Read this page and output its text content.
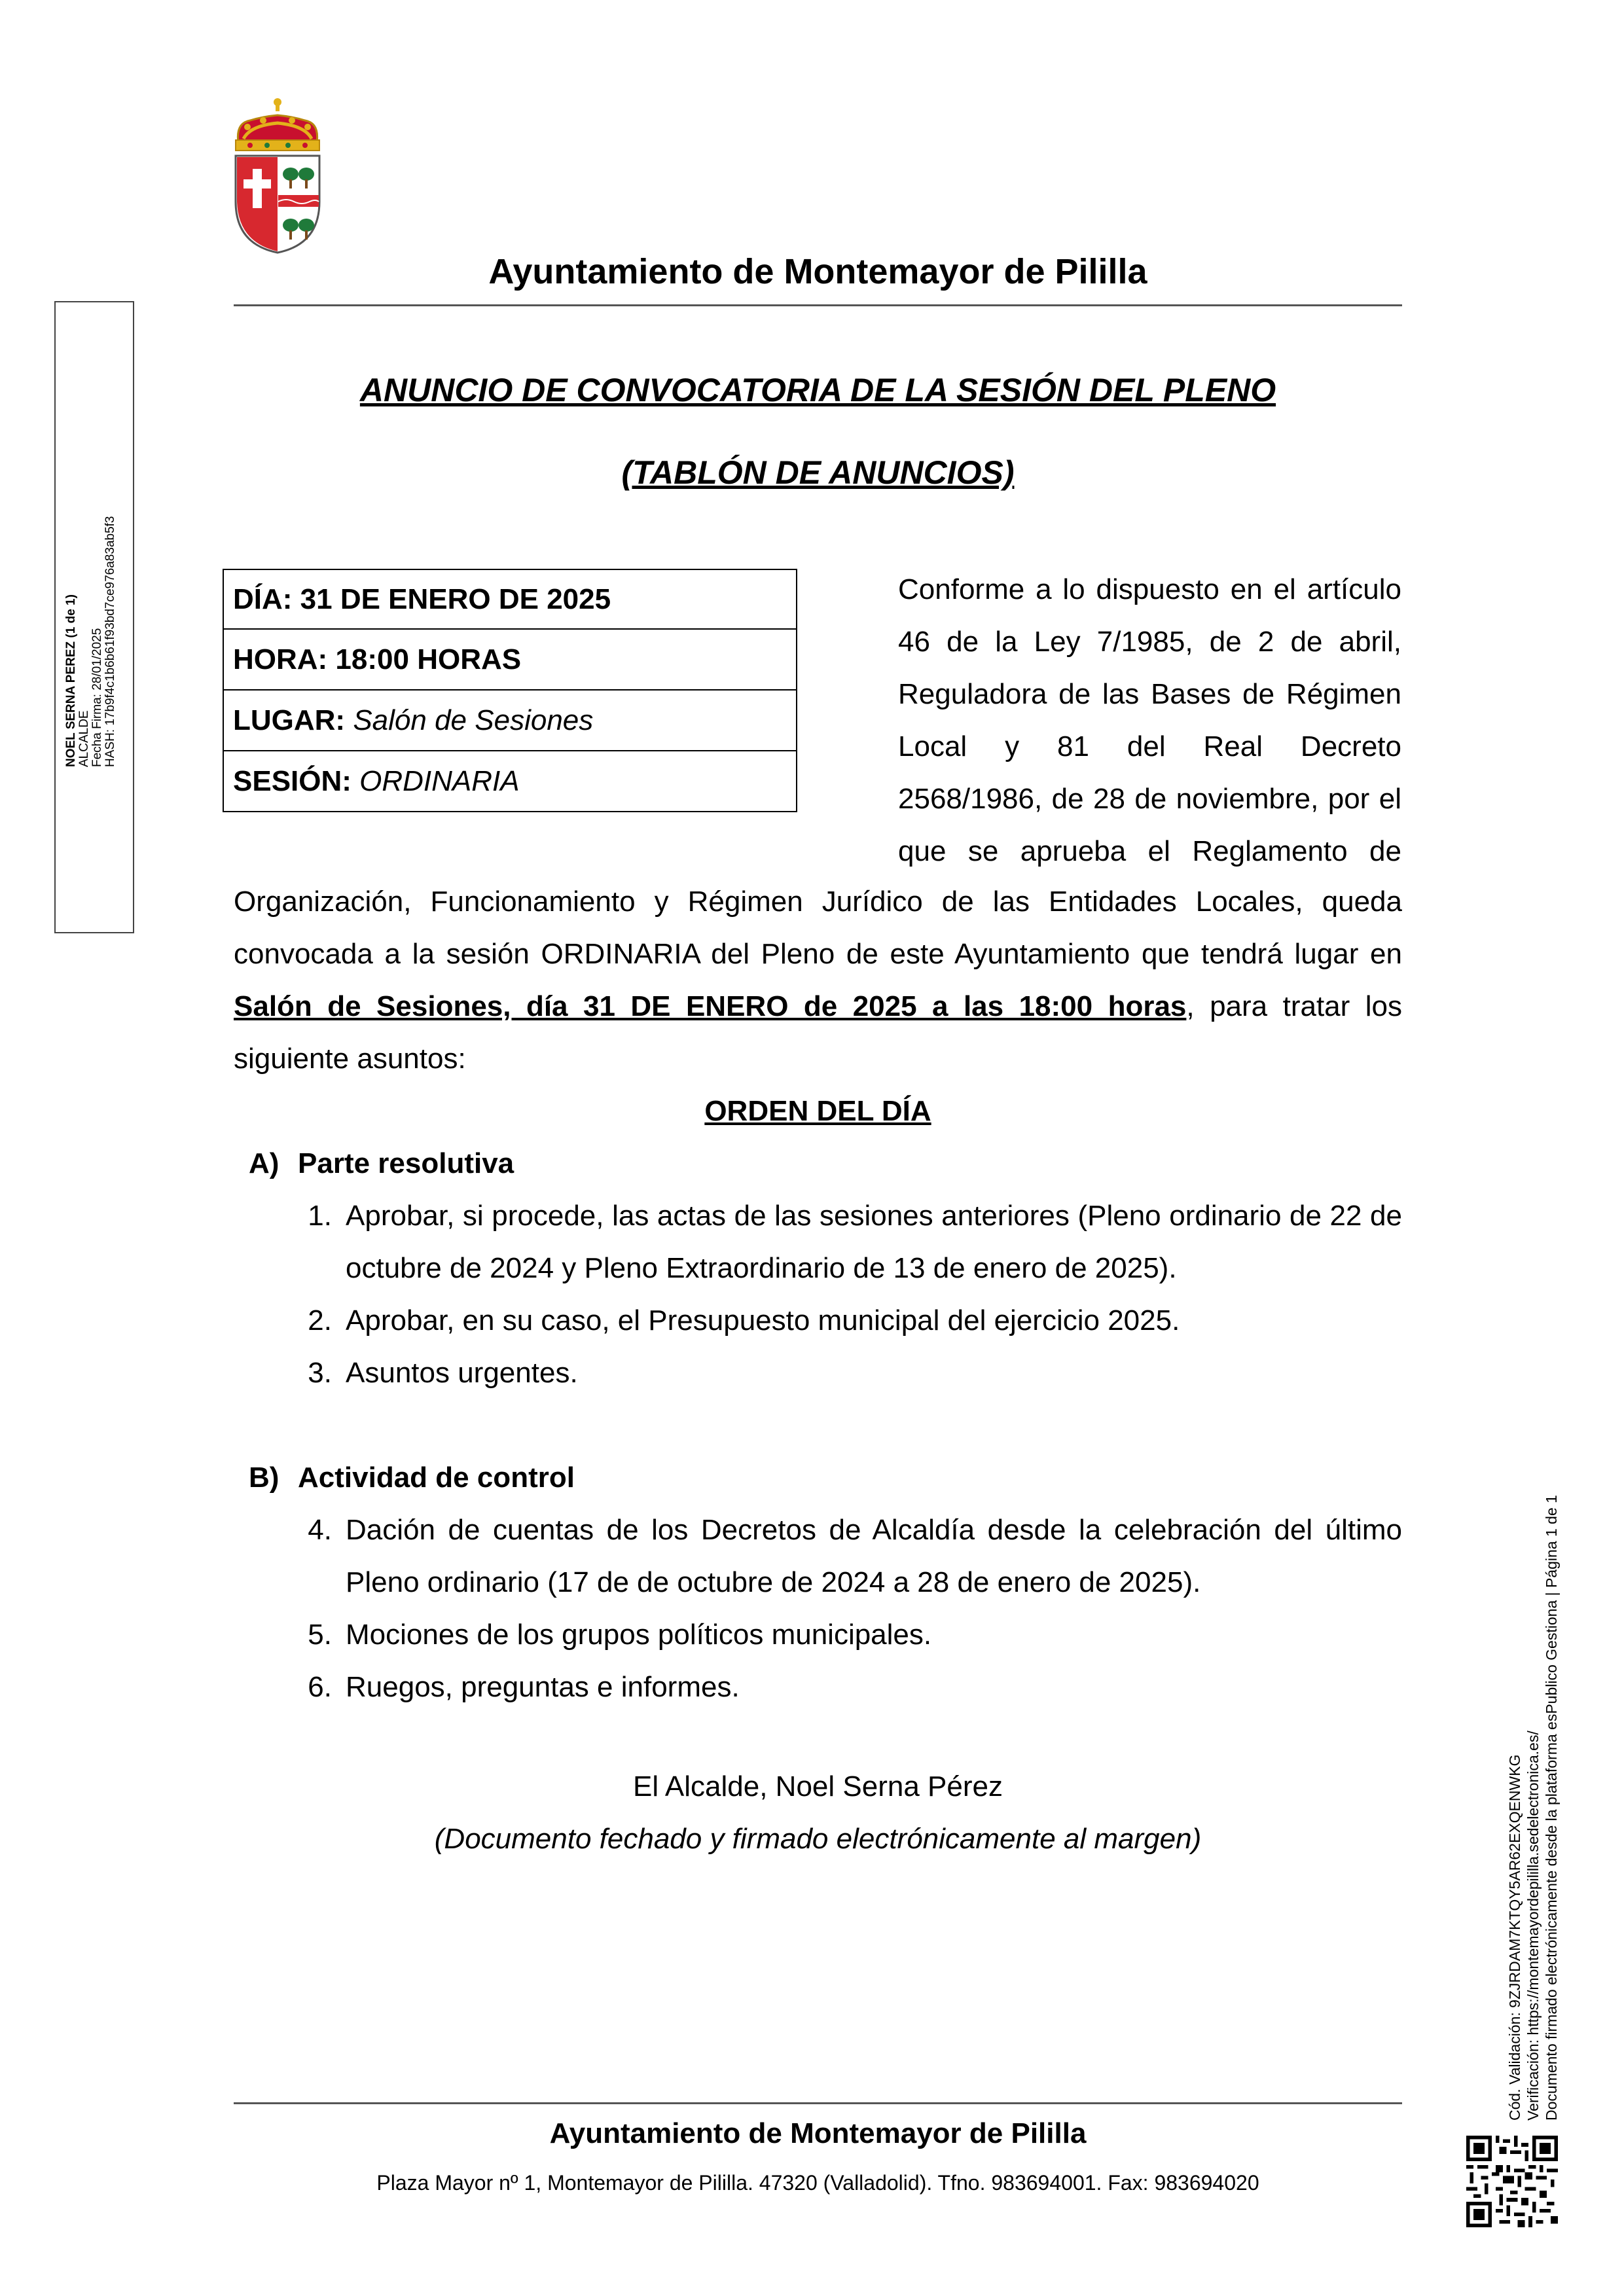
Ayuntamiento de Montemayor de Pililla
ANUNCIO DE CONVOCATORIA DE LA SESIÓN DEL PLENO
(TABLÓN DE ANUNCIOS)
DÍA: 31 DE ENERO DE 2025
HORA: 18:00 HORAS
LUGAR: Salón de Sesiones
SESIÓN: ORDINARIA
Conforme a lo dispuesto en el artículo 46 de la Ley 7/1985, de 2 de abril, Reguladora de las Bases de Régimen Local y 81 del Real Decreto 2568/1986, de 28 de noviembre, por el que se aprueba el Reglamento de
Organización, Funcionamiento y Régimen Jurídico de las Entidades Locales, queda convocada a la sesión ORDINARIA del Pleno de este Ayuntamiento que tendrá lugar en Salón de Sesiones, día 31 DE ENERO de 2025 a las 18:00 horas, para tratar los siguiente asuntos:
ORDEN DEL DÍA
A) Parte resolutiva
1. Aprobar, si procede, las actas de las sesiones anteriores (Pleno ordinario de 22 de octubre de 2024 y Pleno Extraordinario de 13 de enero de 2025).
2. Aprobar, en su caso, el Presupuesto municipal del ejercicio 2025.
3. Asuntos urgentes.
B) Actividad de control
4. Dación de cuentas de los Decretos de Alcaldía desde la celebración del último Pleno ordinario (17 de de octubre de 2024 a 28 de enero de 2025).
5. Mociones de los grupos políticos municipales.
6. Ruegos, preguntas e informes.
El Alcalde, Noel Serna Pérez
(Documento fechado y firmado electrónicamente al margen)
Ayuntamiento de Montemayor de Pililla
Plaza Mayor nº 1, Montemayor de Pililla. 47320 (Valladolid). Tfno. 983694001. Fax: 983694020
NOEL SERNA PEREZ (1 de 1) ALCALDE Fecha Firma: 28/01/2025 HASH: 17b9f4c1b6b61f93bd7ce976a83ab5f3
Cód. Validación: 9ZJRDAM7KTQY5AR62EXQENWKG Verificación: https://montemayordepililla.sedelectronica.es/ Documento firmado electrónicamente desde la plataforma esPublico Gestiona | Página 1 de 1
